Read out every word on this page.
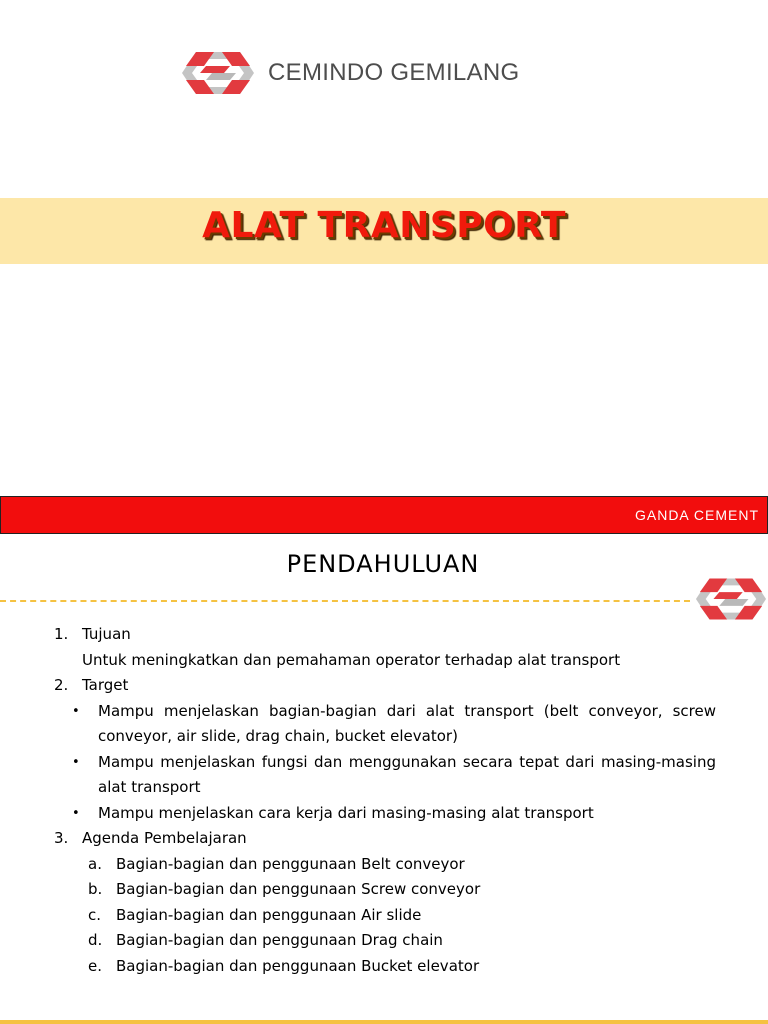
CEMINDO GEMILANG
ALAT TRANSPORT
GANDA CEMENT
PENDAHULUAN
1. Tujuan
Untuk meningkatkan dan pemahaman operator terhadap alat transport
2. Target
•	Mampu menjelaskan bagian-bagian dari alat transport (belt conveyor, screw conveyor, air slide, drag chain, bucket elevator)
•	Mampu menjelaskan fungsi dan menggunakan secara tepat dari masing-masing alat transport
•	Mampu menjelaskan cara kerja dari masing-masing alat transport
3. Agenda Pembelajaran
a. Bagian-bagian dan penggunaan Belt conveyor
b. Bagian-bagian dan penggunaan Screw conveyor
c. Bagian-bagian dan penggunaan Air slide
d. Bagian-bagian dan penggunaan Drag chain
e. Bagian-bagian dan penggunaan Bucket elevator
